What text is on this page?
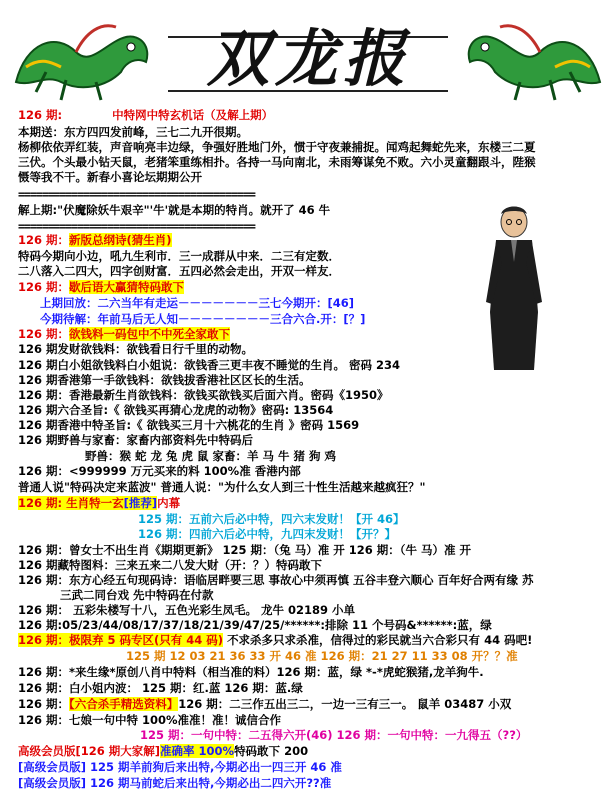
双龙报
126 期:	中特网中特玄机话（及解上期）
本期送：东方四四发前峰，三七二九开很期。
杨柳依依弄红装，声音响亮丰边绿，争强好胜地门外，惯于守夜兼捕捉。闻鸡起舞蛇先来，东楼三二夏
三伏。个头最小钻天鼠，老猪笨重练相扑。各持一马向南北，未雨筹谋免不败。六小灵童翻跟斗，陛猴
慑等我不干。新春小喜论坛期期公开
========================================
解上期:"伏魔除妖牛艰辛"'牛'就是本期的特肖。就开了 46 牛
========================================
126 期：新版总纲诗(猜生肖)
特码今期向小边，吼九生利市．三一成群从中来．二三有定数．
二八落入二四大，四字创财富．五四必然会走出，开双一样友．
126 期：歇后语大赢猜特码敢下
上期回放：二六当年有走运－－－－－－－三七今期开：[46]
今期待解：年前马后无人知－－－－－－－－三合六合.开：[？]
126 期：欲钱料一码包中不中死全家敢下
126 期发财欲钱料：欲钱看日行千里的动物。
126 期白小姐欲钱料白小姐说：欲钱香三更丰夜不睡觉的生肖。 密码 234
126 期香港第一手欲钱料：欲钱拔香港社区区长的生活。
126 期：香港最新生肖欲钱料：欲钱买欲钱买后面六肖。密码《1950》
126 期六合圣旨:《 欲钱买再猜心龙虎的动物》密码: 13564
126 期香港中特圣旨:《 欲钱买三月十六桃花的生肖 》密码 1569
126 期野兽与家畜：家畜内部资料先中特码后
野兽：猴 蛇 龙 兔 虎 鼠 家畜：羊 马 牛 猪 狗 鸡
126 期：<999999 万元买来的料 100%准 香港内部
普通人说"特码决定来蓝波" 普通人说："为什么女人到三十性生活越来越疯狂？"
126 期: 生肖特一玄[推荐]内幕
125 期：五前六后必中特，四六末发财！【开 46】
126 期：四前六后必中特，九四末发财！【开？】
126 期：曾女士不出生肖《期期更新》 125 期：（兔 马）准 开 126 期：（牛 马）准 开
126 期藏特图料：三来五来二八发大财（开：？）特码敢下
126 期：东方心经五句现码诗：语临居畔要三思 事故心中须再慎 五谷丰登六顺心 百年好合两有缘 苏
三武二同台戏 先中特码在付款
126 期： 五彩朱楼写十八，五色光彩生凤毛。 龙牛 02189 小单
126 期:05/23/44/08/17/37/18/21/39/47/25/******:排除 11 个号码&******:蓝，绿
126 期：极限弃 5 码专区(只有 44 码) 不求杀多只求杀准，信得过的彩民就当六合彩只有 44 码吧!
125 期 12 03 21 36 33 开 46 准 126 期：21 27 11 33 08 开？？准
126 期：*来生缘*原创八肖中特料（相当准的料）126 期：蓝，绿 *-*虎蛇猴猪,龙羊狗牛.
126 期：白小姐内波： 125 期：红.蓝 126 期：蓝.绿
126 期：【六合杀手精选资料】126 期：二三作五出三二，一边一三有三一。 鼠羊 03487 小双
126 期：七娘一句中特 100%准准！准！诚信合作
125 期：一句中特：二五得六开(46) 126 期：一句中特：一九得五（??）
高级会员版[126 期大家解]准确率 100%特码敢下 200
[高级会员版] 125 期羊前狗后来出特,今期必出一四三开 46 准
[高级会员版] 126 期马前蛇后来出特,今期必出二四六开??准
